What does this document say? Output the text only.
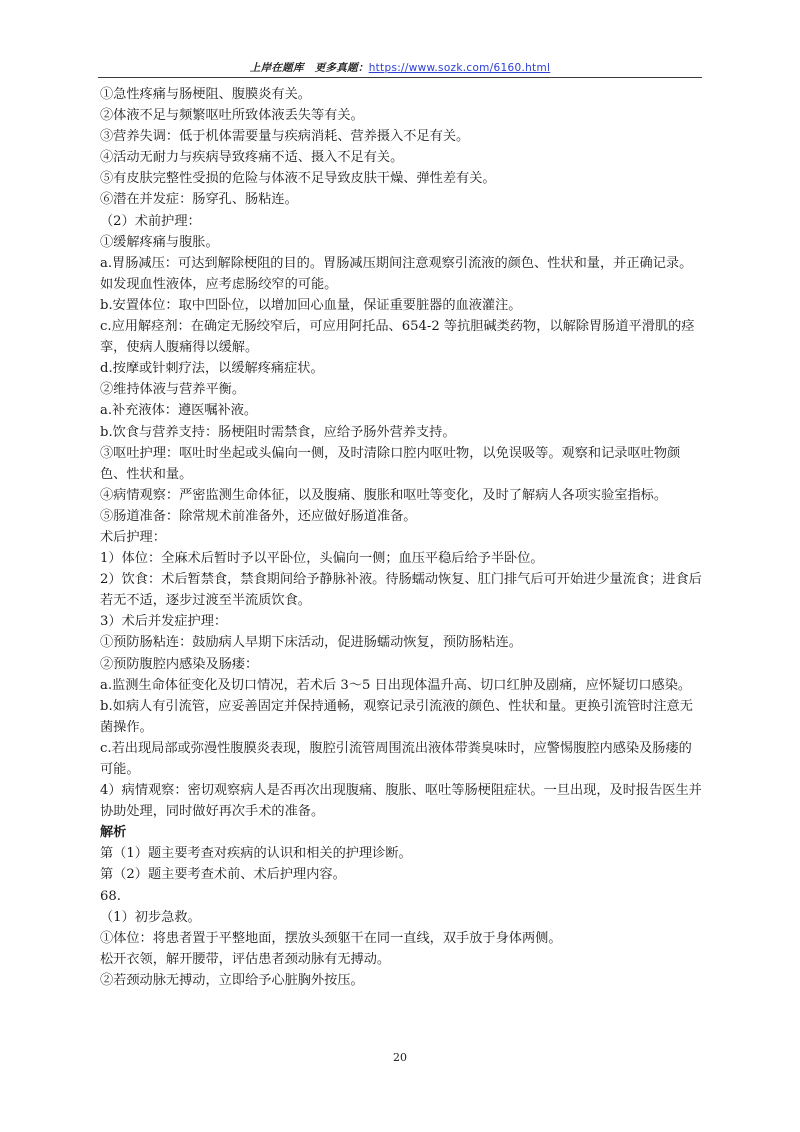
上岸在题库 更多真题：https://www.sozk.com/6160.html

①急性疼痛与肠梗阻、腹膜炎有关。

②体液不足与频繁呕吐所致体液丢失等有关。

③营养失调：低于机体需要量与疾病消耗、营养摄入不足有关。

④活动无耐力与疾病导致疼痛不适、摄入不足有关。

⑤有皮肤完整性受损的危险与体液不足导致皮肤干燥、弹性差有关。

⑥潜在并发症：肠穿孔、肠粘连。

（2）术前护理：

①缓解疼痛与腹胀。

a.胃肠减压：可达到解除梗阻的目的。胃肠减压期间注意观察引流液的颜色、性状和量，并正确记录。如发现血性液体，应考虑肠绞窄的可能。

b.安置体位：取中凹卧位，以增加回心血量，保证重要脏器的血液灌注。

c.应用解痉剂：在确定无肠绞窄后，可应用阿托品、654-2 等抗胆碱类药物，以解除胃肠道平滑肌的痉挛，使病人腹痛得以缓解。

d.按摩或针刺疗法，以缓解疼痛症状。

②维持体液与营养平衡。

a.补充液体：遵医嘱补液。

b.饮食与营养支持：肠梗阻时需禁食，应给予肠外营养支持。

③呕吐护理：呕吐时坐起或头偏向一侧，及时清除口腔内呕吐物，以免误吸等。观察和记录呕吐物颜色、性状和量。

④病情观察：严密监测生命体征，以及腹痛、腹胀和呕吐等变化，及时了解病人各项实验室指标。

⑤肠道准备：除常规术前准备外，还应做好肠道准备。

术后护理：

1）体位：全麻术后暂时予以平卧位，头偏向一侧；血压平稳后给予半卧位。

2）饮食：术后暂禁食，禁食期间给予静脉补液。待肠蠕动恢复、肛门排气后可开始进少量流食；进食后若无不适，逐步过渡至半流质饮食。

3）术后并发症护理：

①预防肠粘连：鼓励病人早期下床活动，促进肠蠕动恢复，预防肠粘连。

②预防腹腔内感染及肠瘘：

a.监测生命体征变化及切口情况，若术后 3～5 日出现体温升高、切口红肿及剧痛，应怀疑切口感染。

b.如病人有引流管，应妥善固定并保持通畅，观察记录引流液的颜色、性状和量。更换引流管时注意无菌操作。

c.若出现局部或弥漫性腹膜炎表现，腹腔引流管周围流出液体带粪臭味时，应警惕腹腔内感染及肠瘘的可能。

4）病情观察：密切观察病人是否再次出现腹痛、腹胀、呕吐等肠梗阻症状。一旦出现，及时报告医生并协助处理，同时做好再次手术的准备。

解析

第（1）题主要考查对疾病的认识和相关的护理诊断。

第（2）题主要考查术前、术后护理内容。

68.

（1）初步急救。

①体位：将患者置于平整地面，摆放头颈躯干在同一直线，双手放于身体两侧。

松开衣领，解开腰带，评估患者颈动脉有无搏动。

②若颈动脉无搏动，立即给予心脏胸外按压。

20
